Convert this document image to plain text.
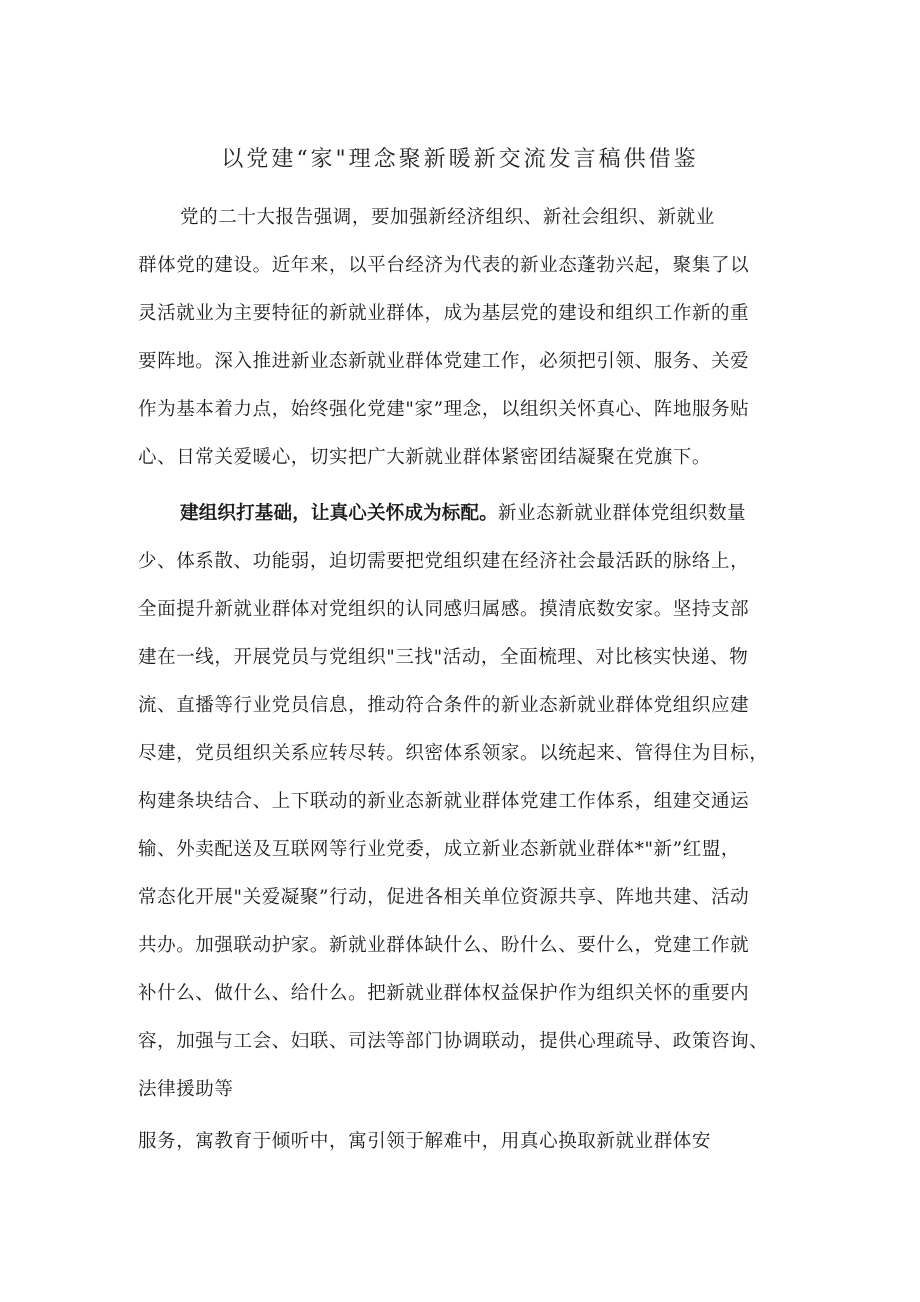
以党建“家"理念聚新暖新交流发言稿供借鉴
党的二十大报告强调，要加强新经济组织、新社会组织、新就业
群体党的建设。近年来，以平台经济为代表的新业态蓬勃兴起，聚集了以
灵活就业为主要特征的新就业群体，成为基层党的建设和组织工作新的重
要阵地。深入推进新业态新就业群体党建工作，必须把引领、服务、关爱
作为基本着力点，始终强化党建"家”理念，以组织关怀真心、阵地服务贴
心、日常关爱暖心，切实把广大新就业群体紧密团结凝聚在党旗下。
建组织打基础，让真心关怀成为标配。新业态新就业群体党组织数量
少、体系散、功能弱，迫切需要把党组织建在经济社会最活跃的脉络上，
全面提升新就业群体对党组织的认同感归属感。摸清底数安家。坚持支部
建在一线，开展党员与党组织"三找"活动，全面梳理、对比核实快递、物
流、直播等行业党员信息，推动符合条件的新业态新就业群体党组织应建
尽建，党员组织关系应转尽转。织密体系领家。以统起来、管得住为目标，
构建条块结合、上下联动的新业态新就业群体党建工作体系，组建交通运
输、外卖配送及互联网等行业党委，成立新业态新就业群体*"新”红盟，
常态化开展"关爱凝聚”行动，促进各相关单位资源共享、阵地共建、活动
共办。加强联动护家。新就业群体缺什么、盼什么、要什么，党建工作就
补什么、做什么、给什么。把新就业群体权益保护作为组织关怀的重要内
容，加强与工会、妇联、司法等部门协调联动，提供心理疏导、政策咨询、
法律援助等
服务，寓教育于倾听中，寓引领于解难中，用真心换取新就业群体安
